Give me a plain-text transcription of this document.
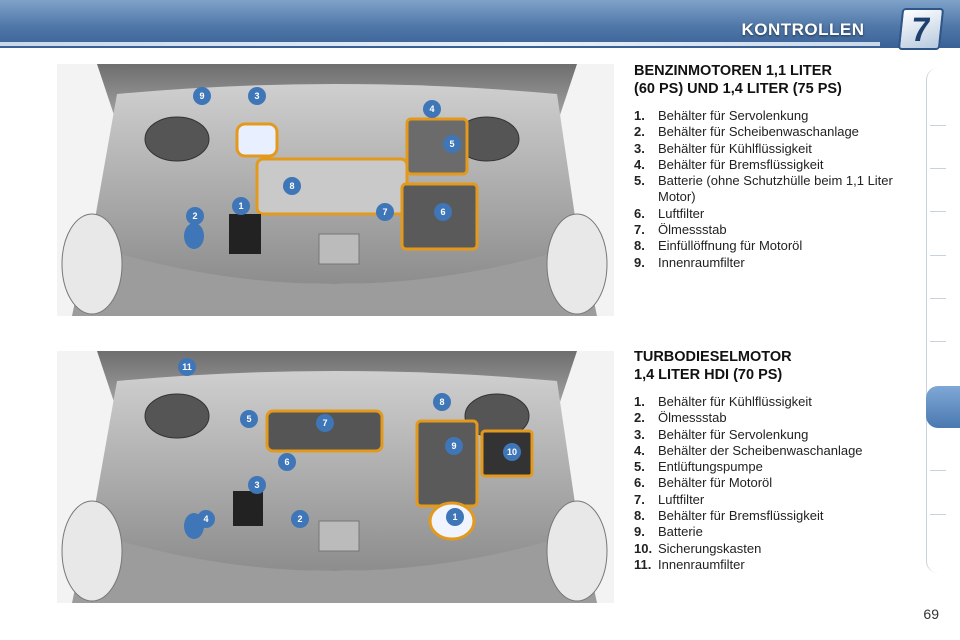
KONTROLLEN	7
9	3
4
5
8
2
1
7	6
BENZINMOTOREN 1,1 LITER
(60 PS) UND 1,4 LITER (75 PS)
1.	Behälter für Servolenkung
2.	Behälter für Scheibenwaschanlage
3.	Behälter für Kühlflüssigkeit
4.	Behälter für Bremsflüssigkeit
5.	Batterie (ohne Schutzhülle beim 1,1 Liter Motor)
6.	Luftfilter
7.	Ölmessstab
8.	Einfüllöffnung für Motoröl
9.	Innenraumfilter
11
5	7
6
8
9
10
3
4	2	1
TURBODIESELMOTOR
1,4 LITER HDI (70 PS)
1.	Behälter für Kühlflüssigkeit
2.	Ölmessstab
3.	Behälter für Servolenkung
4.	Behälter der Scheibenwaschanlage
5.	Entlüftungspumpe
6.	Behälter für Motoröl
7.	Luftfilter
8.	Behälter für Bremsflüssigkeit
9.	Batterie
10. Sicherungskasten
11. Innenraumfilter
69
